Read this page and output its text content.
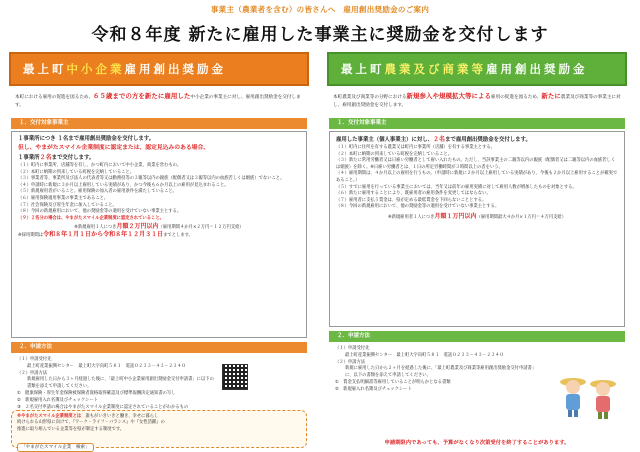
事業主（農業者を含む）の皆さんへ　雇用創出奨励金のご案内
令和８年度 新たに雇用した事業主に奨励金を交付します
最上町 中小企業 雇用創出奨励金
本町における雇用の促進を図るため、６５歳までの方を新たに雇用した中小企業の事業主に対し、雇用創出奨励金を交付します。
１．交付対象事業主
１事業所につき １名まで雇用創出奨励金を交付します。
但し、やまがたスマイル企業制度に認定または、認定見込みのある場合、
１事業所２名まで交付します。
（１）町内に事業所、店舗等を有し、かつ町内において中小企業、商業を営むもの。
（２）本町に納期の到来している町税を完納していること。
（３）事業者等、事業所及び法人の代表者等又は勤務役等の３親等以内の親族（配偶者又は３親等以内の血族若しくは姻族）でないこと。
（４）申請時に新規に３か月以上雇用している実績があり、かつ今後も６か月以上の雇用が見込まれること。
（５）新規雇用者がいること。雇用保険の加入者の雇用条件を満たしていること。
（６）雇用保険適用事業の事業主であること。
（７）社会保険及び厚生年金に加入していること。
（８）今回の新規雇用において、他の奨励金等の適用を受けていない事業主とする。
（９）２名分の場合は、やまがたスマイル企業制度に認定されていること。
※新規雇用１人につき月額２万円以内（雇用期間４か月×２万円＝１２万円支給）
※採用期間は令和８年１月１日から令和８年１２月３１日までとします。
２．申請方法
（１）申請受付先
　　 最上町産業振興センター　最上町大字向町５８１　電話０２３３－４３－２３４０
（２）申請方法
　　 新規雇用した日から３ヶ月経過した後に、「最上町中小企業雇用創出奨励金交付申請書」に以下の
　　 書類を添えて申請してください。
①　健康保険・厚生年金保険被保険者資格取得確認及び標準報酬決定通知書の写し
②　新規雇用入れ名簿及びチェックシート
③　２名交付申請の場合はやまがたスマイル企業制度に認定されていることがわかるもの
※やまがたスマイル企業制度とは　 誰もがいきいきと働き、幸せに暮らし
続けられる山形県に向けて、『ワーク・ライフ・バランス』や『女性活躍』の
推進に取り組んでいる企業等を県が制定する制度です。
「やまがたスマイル企業　検索」
最上町 農業及び商業等 雇用創出奨励金
本町農業及び商業等の分野における新規参入や規模拡大等による雇用の促進を図るため、新たに農業及び商業等の事業主に対し、雇用創出奨励金を交付します。
１．交付対象事業主
雇用した事業主（個人事業主）に対し、２名まで雇用創出奨励金を交付します。
（１）町内に住所を有する農業又は町内に事業所（店舗）を有する事業主とする。
（２）本町に納期の到来している町税を完納していること。
（３）新たに常用労働者又は日雇い労働者として雇い入れたもの。ただし、当該事業主の二親等以内の親族（配偶者又は二親等以内の血族若しくは姻族）を除く。※日雇い労働者とは、１日の所定労働時間が３時間以上の者をいう。
（４）雇用期間は、４か月以上の雇用を行うもの。（申請時に新規に２か月以上雇用している実績があり、今後も２か月以上雇用することが確実であること。）
（５）すでに雇用を行っている事業主においては、当年又は前年の雇用実績に対して雇用人数が増加したものを対象とする。
（６）新たに雇用することにより、既雇用者の雇用条件を変更してはならない。
（７）雇用者に支払う賃金は、県が定める最低賃金を下回らないこととする。
（８）今回の新規雇用において、他の奨励金等の適用を受けていない事業主とする。
※新規雇用者１人につき月額１万円以内（雇用期間最大４か月×１万円＝４万円支給）
２．申請方法
（１）申請受付先
　　 最上町産業振興センター　最上町大字向町５８１　電話０２３３－４３－２３４０
（２）申請方法
　　 新規に雇用した日から２ヶ月を経過した後に、「最上町農業及び商業等雇用創出奨励金交付申請書」
　　 に、以下の書類を添えて申請してください。
①　賃金支払明細書等雇用していることが明らかとなる書類
②　新規雇入れ名簿及びチェックシート
申請期限内であっても、予算がなくなり次第受付を終了することがあります。
